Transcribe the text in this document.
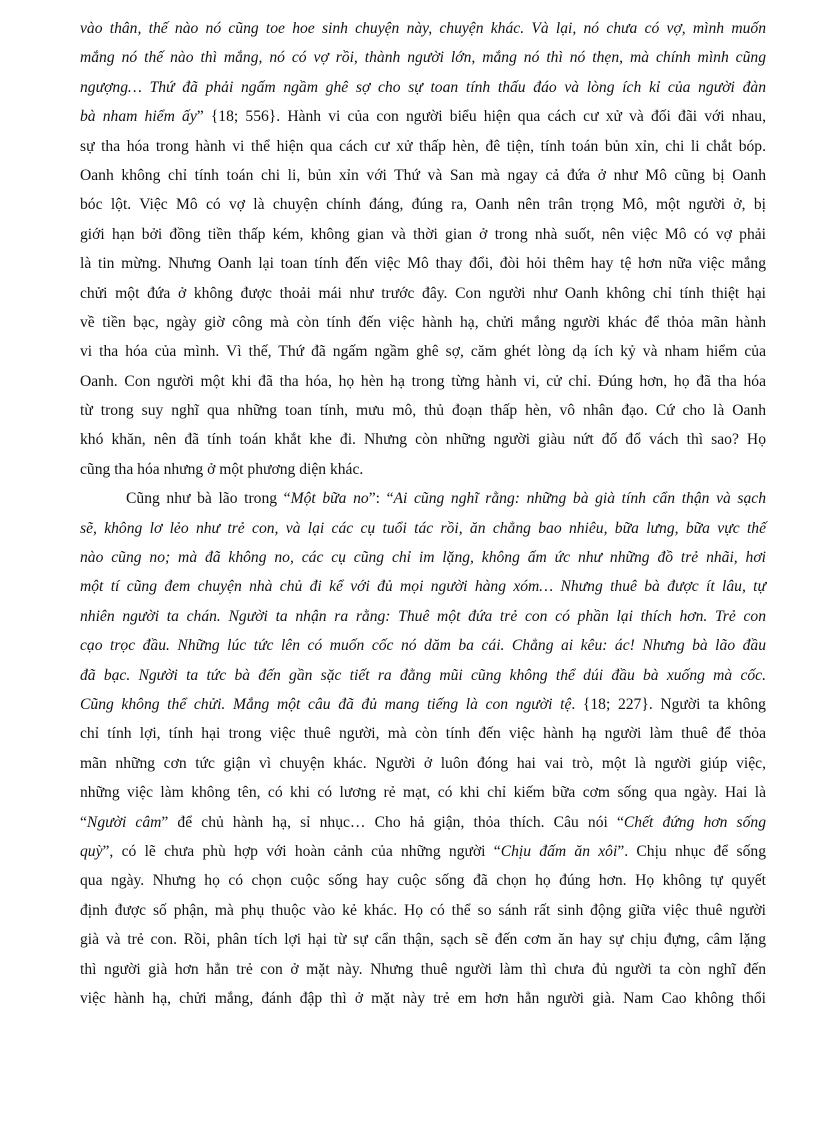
vào thân, thế nào nó cũng toe hoe sinh chuyện này, chuyện khác. Và lại, nó chưa có vợ, mình muốn
mắng nó thế nào thì mắng, nó có vợ rồi, thành người lớn, mắng nó thì nó thẹn, mà chính mình cũng
ngượng… Thứ đã phải ngấm ngầm ghê sợ cho sự toan tính thấu đáo và lòng ích kỉ của người đàn
bà nham hiểm ấy” {18; 556}. Hành vi của con người biểu hiện qua cách cư xử và đối đãi với nhau,
sự tha hóa trong hành vi thể hiện qua cách cư xử thấp hèn, đê tiện, tính toán bủn xỉn, chi li chắt bóp.
Oanh không chỉ tính toán chi li, bủn xỉn với Thứ và San mà ngay cả đứa ở như Mô cũng bị Oanh
bóc lột. Việc Mô có vợ là chuyện chính đáng, đúng ra, Oanh nên trân trọng Mô, một người ở, bị
giới hạn bởi đồng tiền thấp kém, không gian và thời gian ở trong nhà suốt, nên việc Mô có vợ phải
là tin mừng. Nhưng Oanh lại toan tính đến việc Mô thay đổi, đòi hỏi thêm hay tệ hơn nữa việc mắng
chửi một đứa ở không được thoải mái như trước đây. Con người như Oanh không chỉ tính thiệt hại
về tiền bạc, ngày giờ công mà còn tính đến việc hành hạ, chửi mắng người khác để thỏa mãn hành
vi tha hóa của mình. Vì thế, Thứ đã ngấm ngầm ghê sợ, căm ghét lòng dạ ích kỷ và nham hiểm của
Oanh. Con người một khi đã tha hóa, họ hèn hạ trong từng hành vi, cử chỉ. Đúng hơn, họ đã tha hóa
từ trong suy nghĩ qua những toan tính, mưu mô, thủ đoạn thấp hèn, vô nhân đạo. Cứ cho là Oanh
khó khăn, nên đã tính toán khắt khe đi. Nhưng còn những người giàu nứt đố đổ vách thì sao? Họ
cũng tha hóa nhưng ở một phương diện khác.
Cũng như bà lão trong “Một bữa no”: “Ai cũng nghĩ rằng: những bà già tính cẩn thận và sạch
sẽ, không lơ lẻo như trẻ con, và lại các cụ tuổi tác rồi, ăn chẳng bao nhiêu, bữa lưng, bữa vực thế
nào cũng no; mà đã không no, các cụ cũng chỉ im lặng, không ấm ức như những đồ trẻ nhãi, hơi
một tí cũng đem chuyện nhà chủ đi kể với đủ mọi người hàng xóm… Nhưng thuê bà được ít lâu, tự
nhiên người ta chán. Người ta nhận ra rằng: Thuê một đứa trẻ con có phần lại thích hơn. Trẻ con
cạo trọc đầu. Những lúc tức lên có muốn cốc nó dăm ba cái. Chẳng ai kêu: ác! Nhưng bà lão đầu
đã bạc. Người ta tức bà đến gần sặc tiết ra đằng mũi cũng không thể dúi đầu bà xuống mà cốc.
Cũng không thể chửi. Mắng một câu đã đủ mang tiếng là con người tệ. {18; 227}. Người ta không
chỉ tính lợi, tính hại trong việc thuê người, mà còn tính đến việc hành hạ người làm thuê để thỏa
mãn những cơn tức giận vì chuyện khác. Người ở luôn đóng hai vai trò, một là người giúp việc,
những việc làm không tên, có khi có lương rẻ mạt, có khi chỉ kiếm bữa cơm sống qua ngày. Hai là
“Người câm” để chủ hành hạ, sỉ nhục… Cho hả giận, thỏa thích. Câu nói “Chết đứng hơn sống
quỳ”, có lẽ chưa phù hợp với hoàn cảnh của những người “Chịu đấm ăn xôi”. Chịu nhục để sống
qua ngày. Nhưng họ có chọn cuộc sống hay cuộc sống đã chọn họ đúng hơn. Họ không tự quyết
định được số phận, mà phụ thuộc vào kẻ khác. Họ có thể so sánh rất sinh động giữa việc thuê người
già và trẻ con. Rồi, phân tích lợi hại từ sự cẩn thận, sạch sẽ đến cơm ăn hay sự chịu đựng, câm lặng
thì người già hơn hẳn trẻ con ở mặt này. Nhưng thuê người làm thì chưa đủ người ta còn nghĩ đến
việc hành hạ, chửi mắng, đánh đập thì ở mặt này trẻ em hơn hẳn người già. Nam Cao không thổi
